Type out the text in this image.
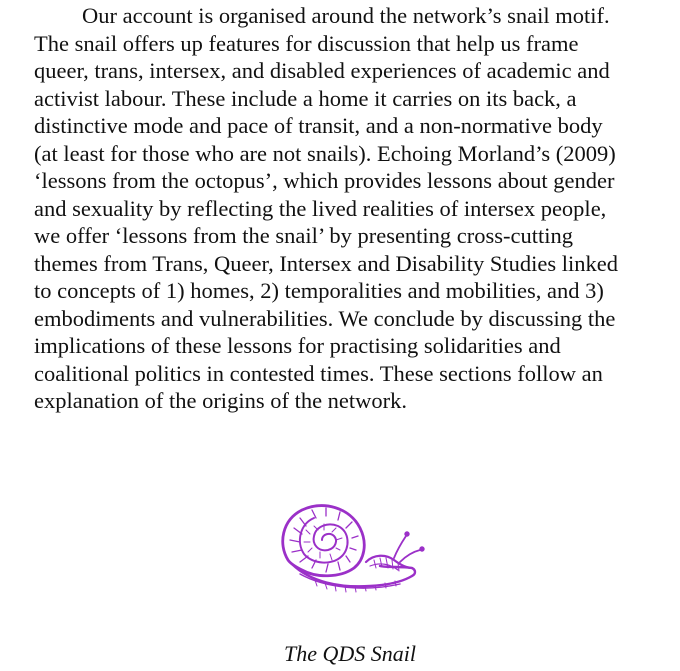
Our account is organised around the network’s snail motif.
The snail offers up features for discussion that help us frame
queer, trans, intersex, and disabled experiences of academic and
activist labour. These include a home it carries on its back, a
distinctive mode and pace of transit, and a non-normative body
(at least for those who are not snails). Echoing Morland’s (2009)
‘lessons from the octopus’, which provides lessons about gender
and sexuality by reflecting the lived realities of intersex people,
we offer ‘lessons from the snail’ by presenting cross-cutting
themes from Trans, Queer, Intersex and Disability Studies linked
to concepts of 1) homes, 2) temporalities and mobilities, and 3)
embodiments and vulnerabilities. We conclude by discussing the
implications of these lessons for practising solidarities and
coalitional politics in contested times. These sections follow an
explanation of the origins of the network.

The QDS Snail
